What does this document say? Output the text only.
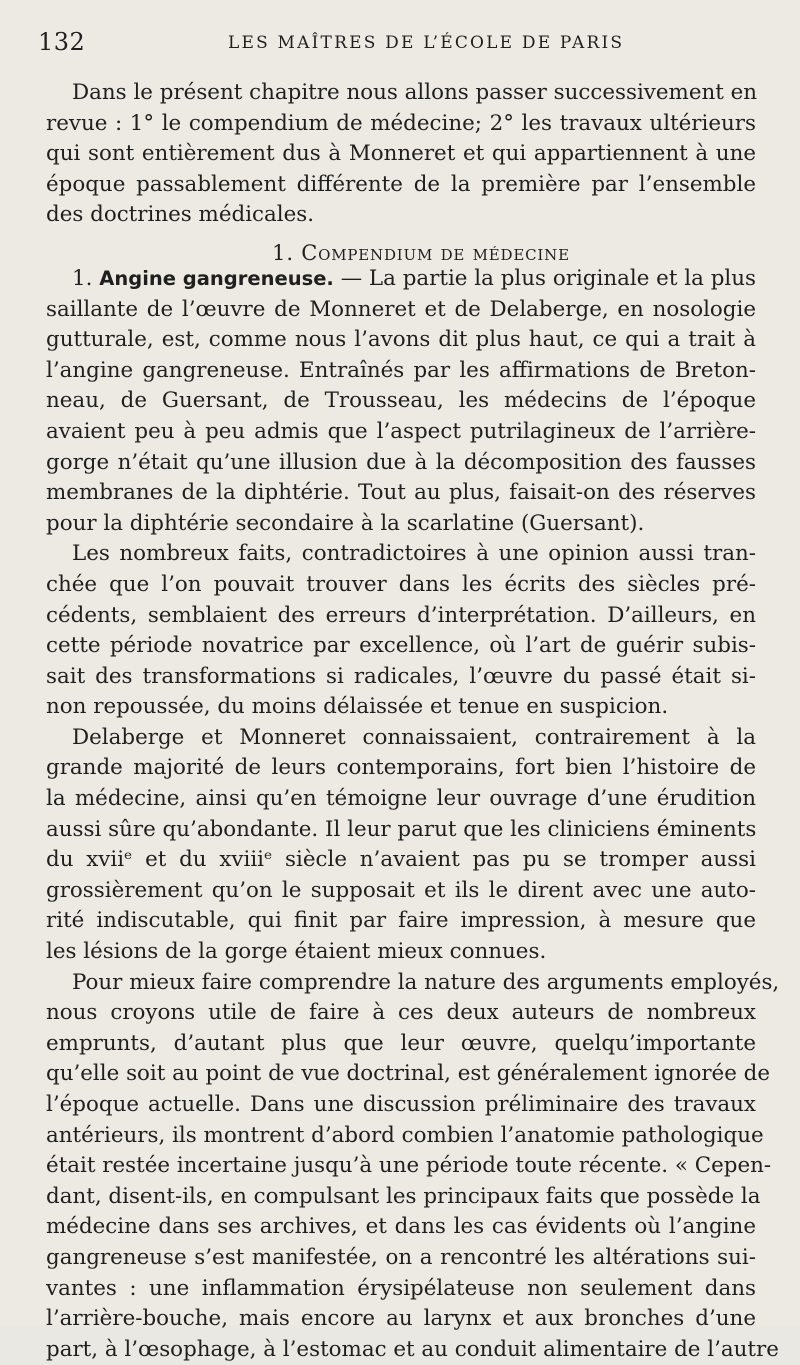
132	LES MAÎTRES DE L’ÉCOLE DE PARIS
Dans le présent chapitre nous allons passer successivement en
revue : 1° le compendium de médecine; 2° les travaux ultérieurs
qui sont entièrement dus à Monneret et qui appartiennent à une
époque passablement différente de la première par l’ensemble
des doctrines médicales.
1. Compendium de médecine
1. Angine gangreneuse. — La partie la plus originale et la plus
saillante de l’œuvre de Monneret et de Delaberge, en nosologie
gutturale, est, comme nous l’avons dit plus haut, ce qui a trait à
l’angine gangreneuse. Entraînés par les affirmations de Breton-
neau, de Guersant, de Trousseau, les médecins de l’époque
avaient peu à peu admis que l’aspect putrilagineux de l’arrière-
gorge n’était qu’une illusion due à la décomposition des fausses
membranes de la diphtérie. Tout au plus, faisait-on des réserves
pour la diphtérie secondaire à la scarlatine (Guersant).
Les nombreux faits, contradictoires à une opinion aussi tran-
chée que l’on pouvait trouver dans les écrits des siècles pré-
cédents, semblaient des erreurs d’interprétation. D’ailleurs, en
cette période novatrice par excellence, où l’art de guérir subis-
sait des transformations si radicales, l’œuvre du passé était si-
non repoussée, du moins délaissée et tenue en suspicion.
Delaberge et Monneret connaissaient, contrairement à la
grande majorité de leurs contemporains, fort bien l’histoire de
la médecine, ainsi qu’en témoigne leur ouvrage d’une érudition
aussi sûre qu’abondante. Il leur parut que les cliniciens éminents
du xviiᵉ et du xviiiᵉ siècle n’avaient pas pu se tromper aussi
grossièrement qu’on le supposait et ils le dirent avec une auto-
rité indiscutable, qui finit par faire impression, à mesure que
les lésions de la gorge étaient mieux connues.
Pour mieux faire comprendre la nature des arguments employés,
nous croyons utile de faire à ces deux auteurs de nombreux
emprunts, d’autant plus que leur œuvre, quelqu’importante
qu’elle soit au point de vue doctrinal, est généralement ignorée de
l’époque actuelle. Dans une discussion préliminaire des travaux
antérieurs, ils montrent d’abord combien l’anatomie pathologique
était restée incertaine jusqu’à une période toute récente. « Cepen-
dant, disent-ils, en compulsant les principaux faits que possède la
médecine dans ses archives, et dans les cas évidents où l’angine
gangreneuse s’est manifestée, on a rencontré les altérations sui-
vantes : une inflammation érysipélateuse non seulement dans
l’arrière-bouche, mais encore au larynx et aux bronches d’une
part, à l’œsophage, à l’estomac et au conduit alimentaire de l’autre
